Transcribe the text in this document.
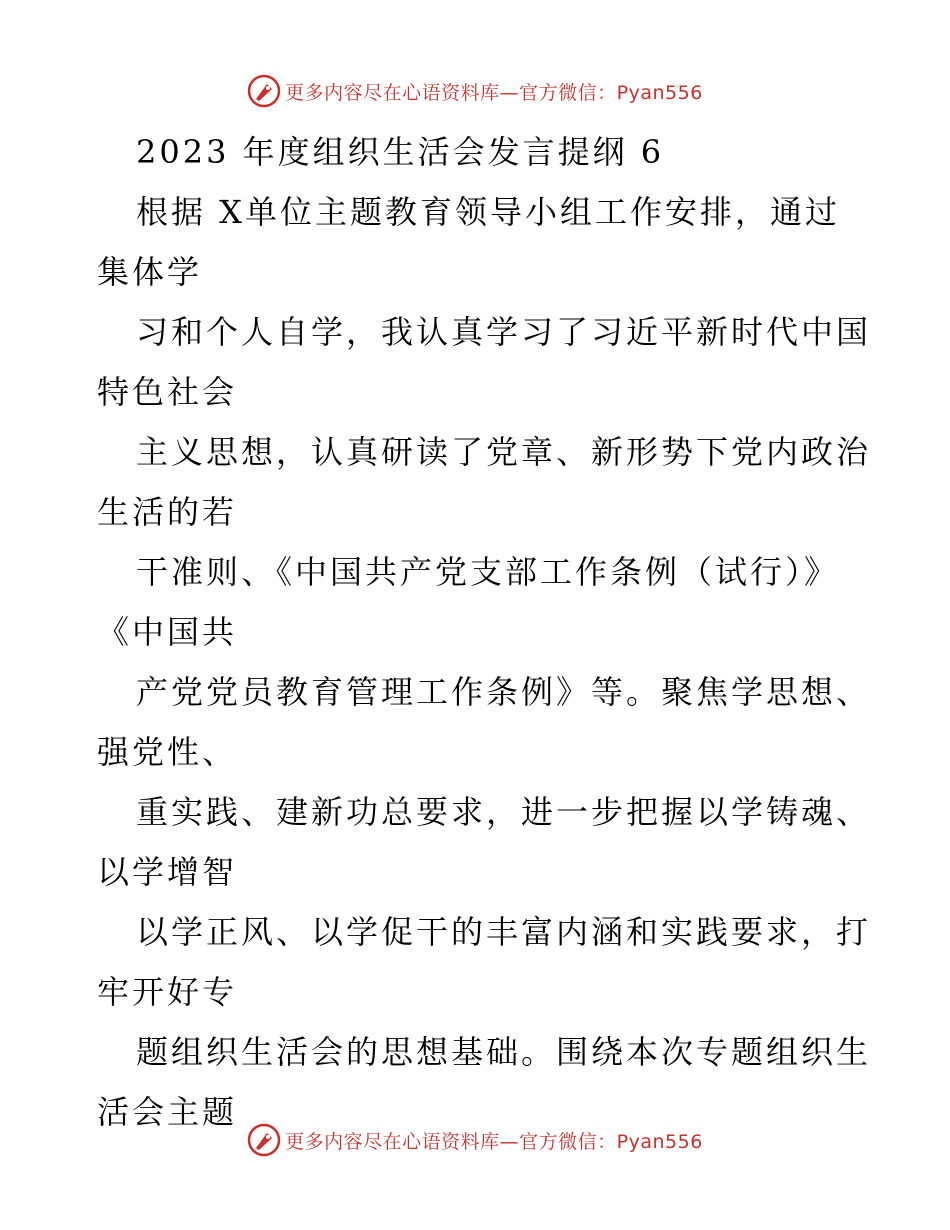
更多内容尽在心语资料库—官方微信：Pyan556
2023 年度组织生活会发言提纲 6
根据 X单位主题教育领导小组工作安排，通过
集体学
习和个人自学，我认真学习了习近平新时代中国
特色社会
主义思想，认真研读了党章、新形势下党内政治
生活的若
干准则、《中国共产党支部工作条例（试行）》
《中国共
产党党员教育管理工作条例》等。聚焦学思想、
强党性、
重实践、建新功总要求，进一步把握以学铸魂、
以学增智
以学正风、以学促干的丰富内涵和实践要求，打
牢开好专
题组织生活会的思想基础。围绕本次专题组织生
活会主题
更多内容尽在心语资料库—官方微信：Pyan556
